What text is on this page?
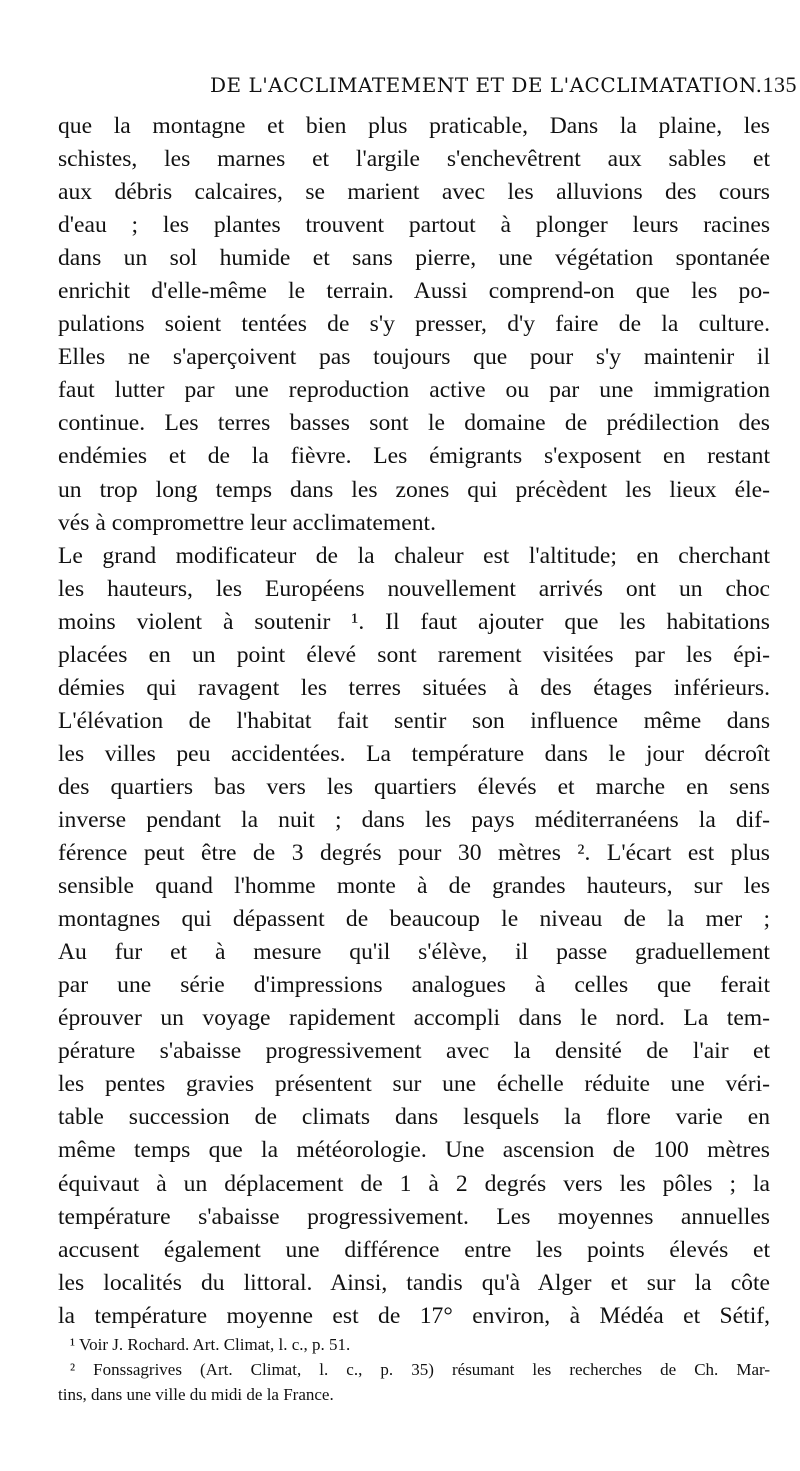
DE L'ACCLIMATEMENT ET DE L'ACCLIMATATION. 135
que la montagne et bien plus praticable, Dans la plaine, les
schistes, les marnes et l'argile s'enchevêtrent aux sables et
aux débris calcaires, se marient avec les alluvions des cours
d'eau ; les plantes trouvent partout à plonger leurs racines
dans un sol humide et sans pierre, une végétation spontanée
enrichit d'elle-même le terrain. Aussi comprend-on que les po-
pulations soient tentées de s'y presser, d'y faire de la culture.
Elles ne s'aperçoivent pas toujours que pour s'y maintenir il
faut lutter par une reproduction active ou par une immigration
continue. Les terres basses sont le domaine de prédilection des
endémies et de la fièvre. Les émigrants s'exposent en restant
un trop long temps dans les zones qui précèdent les lieux éle-
vés à compromettre leur acclimatement.
Le grand modificateur de la chaleur est l'altitude; en cherchant
les hauteurs, les Européens nouvellement arrivés ont un choc
moins violent à soutenir ¹. Il faut ajouter que les habitations
placées en un point élevé sont rarement visitées par les épi-
démies qui ravagent les terres situées à des étages inférieurs.
L'élévation de l'habitat fait sentir son influence même dans
les villes peu accidentées. La température dans le jour décroît
des quartiers bas vers les quartiers élevés et marche en sens
inverse pendant la nuit ; dans les pays méditerranéens la dif-
férence peut être de 3 degrés pour 30 mètres ². L'écart est plus
sensible quand l'homme monte à de grandes hauteurs, sur les
montagnes qui dépassent de beaucoup le niveau de la mer ;
Au fur et à mesure qu'il s'élève, il passe graduellement
par une série d'impressions analogues à celles que ferait
éprouver un voyage rapidement accompli dans le nord. La tem-
pérature s'abaisse progressivement avec la densité de l'air et
les pentes gravies présentent sur une échelle réduite une véri-
table succession de climats dans lesquels la flore varie en
même temps que la météorologie. Une ascension de 100 mètres
équivaut à un déplacement de 1 à 2 degrés vers les pôles ; la
température s'abaisse progressivement. Les moyennes annuelles
accusent également une différence entre les points élevés et
les localités du littoral. Ainsi, tandis qu'à Alger et sur la côte
la température moyenne est de 17° environ, à Médéa et Sétif,
¹ Voir J. Rochard. Art. Climat, l. c., p. 51.
² Fonssagrives (Art. Climat, l. c., p. 35) résumant les recherches de Ch. Mar-
tins, dans une ville du midi de la France.
